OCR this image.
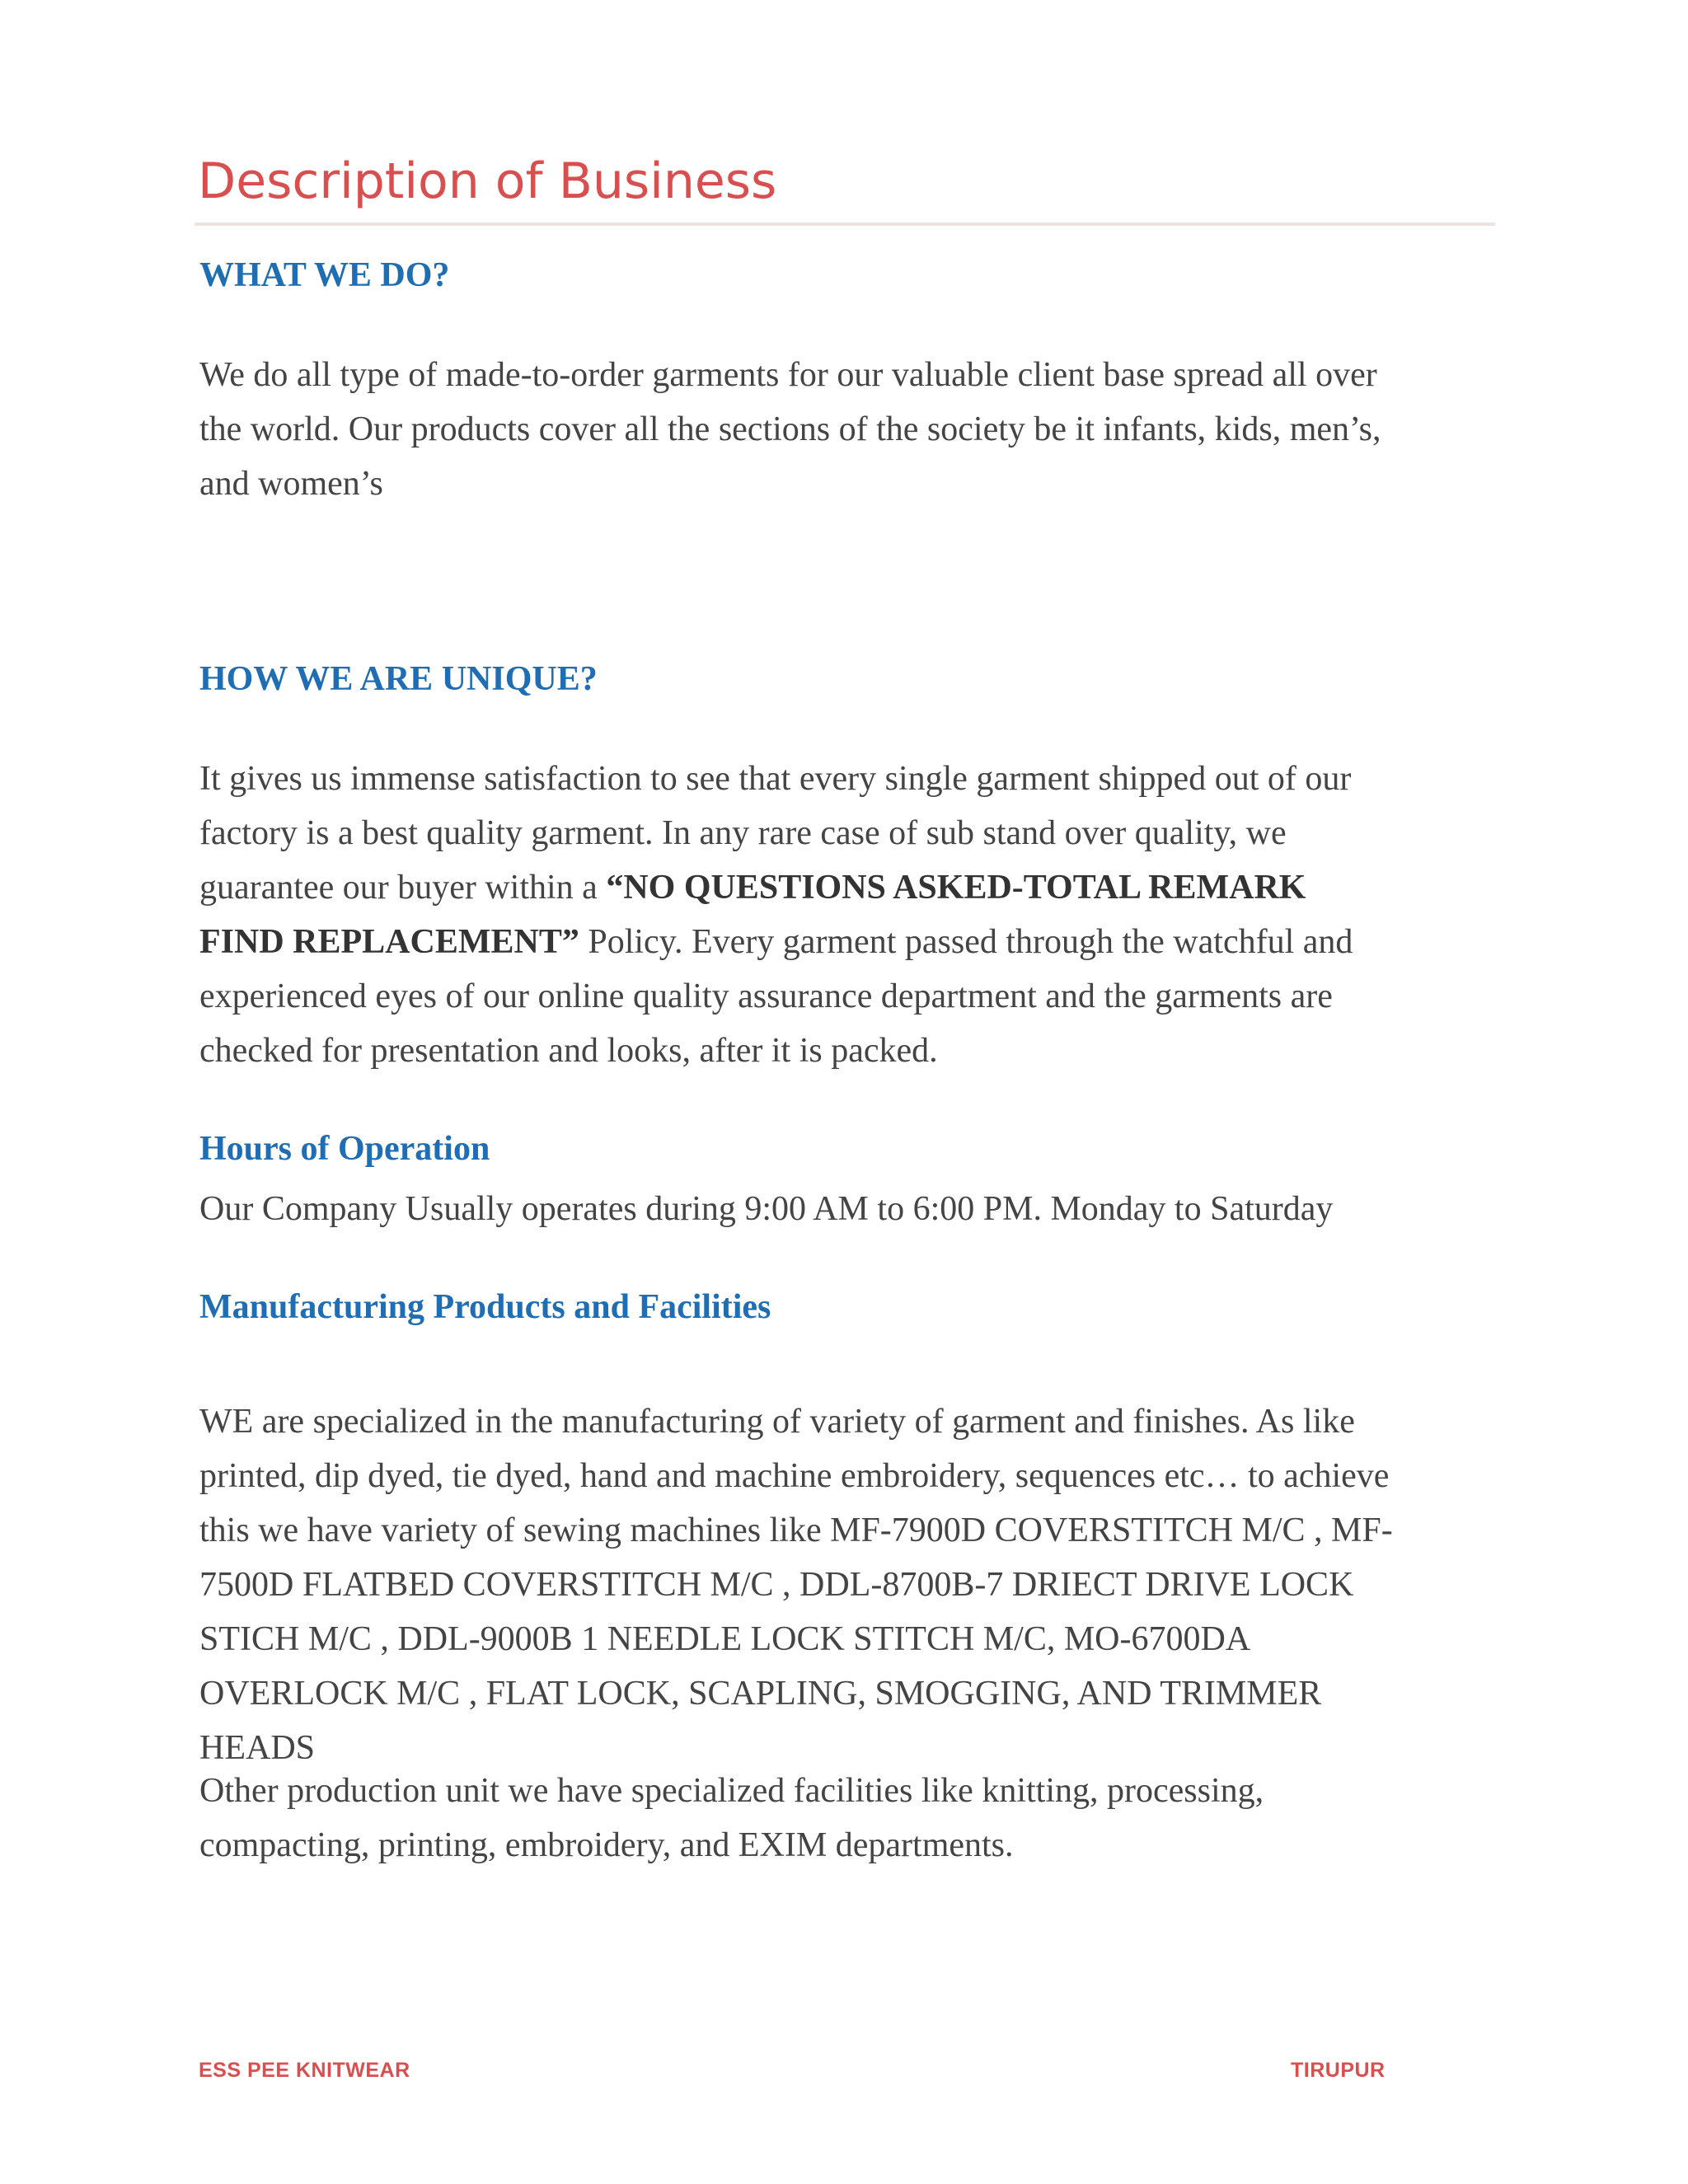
Description of Business
WHAT WE DO?

We do all type of made-to-order garments for our valuable client base spread all over
the world. Our products cover all the sections of the society be it infants, kids, men’s,
and women’s

HOW WE ARE UNIQUE?

It gives us immense satisfaction to see that every single garment shipped out of our
factory is a best quality garment. In any rare case of sub stand over quality, we
guarantee our buyer within a “NO QUESTIONS ASKED-TOTAL REMARK
FIND REPLACEMENT” Policy. Every garment passed through the watchful and
experienced eyes of our online quality assurance department and the garments are
checked for presentation and looks, after it is packed.

Hours of Operation

Our Company Usually operates during 9:00 AM to 6:00 PM. Monday to Saturday

Manufacturing Products and Facilities

WE are specialized in the manufacturing of variety of garment and finishes. As like
printed, dip dyed, tie dyed, hand and machine embroidery, sequences etc… to achieve
this we have variety of sewing machines like MF-7900D COVERSTITCH M/C , MF-
7500D FLATBED COVERSTITCH M/C , DDL-8700B-7 DRIECT DRIVE LOCK
STICH M/C , DDL-9000B 1 NEEDLE LOCK STITCH M/C, MO-6700DA
OVERLOCK M/C , FLAT LOCK, SCAPLING, SMOGGING, AND TRIMMER
HEADS

Other production unit we have specialized facilities like knitting, processing,
compacting, printing, embroidery, and EXIM departments.

ESS PEE KNITWEAR	TIRUPUR
